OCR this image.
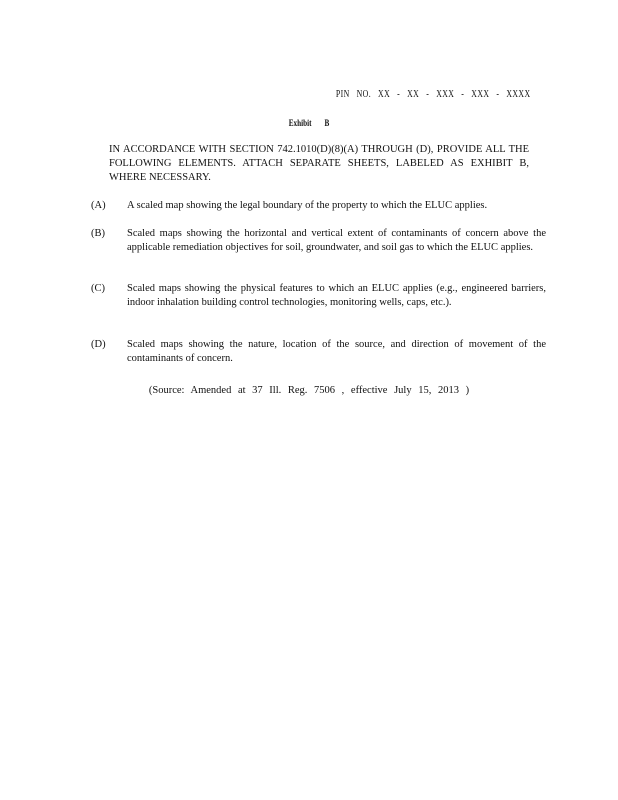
PIN NO. XX - XX - XXX - XXX - XXXX
Exhibit B
IN ACCORDANCE WITH SECTION 742.1010(D)(8)(A) THROUGH (D), PROVIDE ALL THE FOLLOWING ELEMENTS. ATTACH SEPARATE SHEETS, LABELED AS EXHIBIT B, WHERE NECESSARY.
(A) A scaled map showing the legal boundary of the property to which the ELUC applies.
(B) Scaled maps showing the horizontal and vertical extent of contaminants of concern above the applicable remediation objectives for soil, groundwater, and soil gas to which the ELUC applies.
(C) Scaled maps showing the physical features to which an ELUC applies (e.g., engineered barriers, indoor inhalation building control technologies, monitoring wells, caps, etc.).
(D) Scaled maps showing the nature, location of the source, and direction of movement of the contaminants of concern.
(Source: Amended at 37 Ill. Reg. 7506 , effective July 15, 2013 )
